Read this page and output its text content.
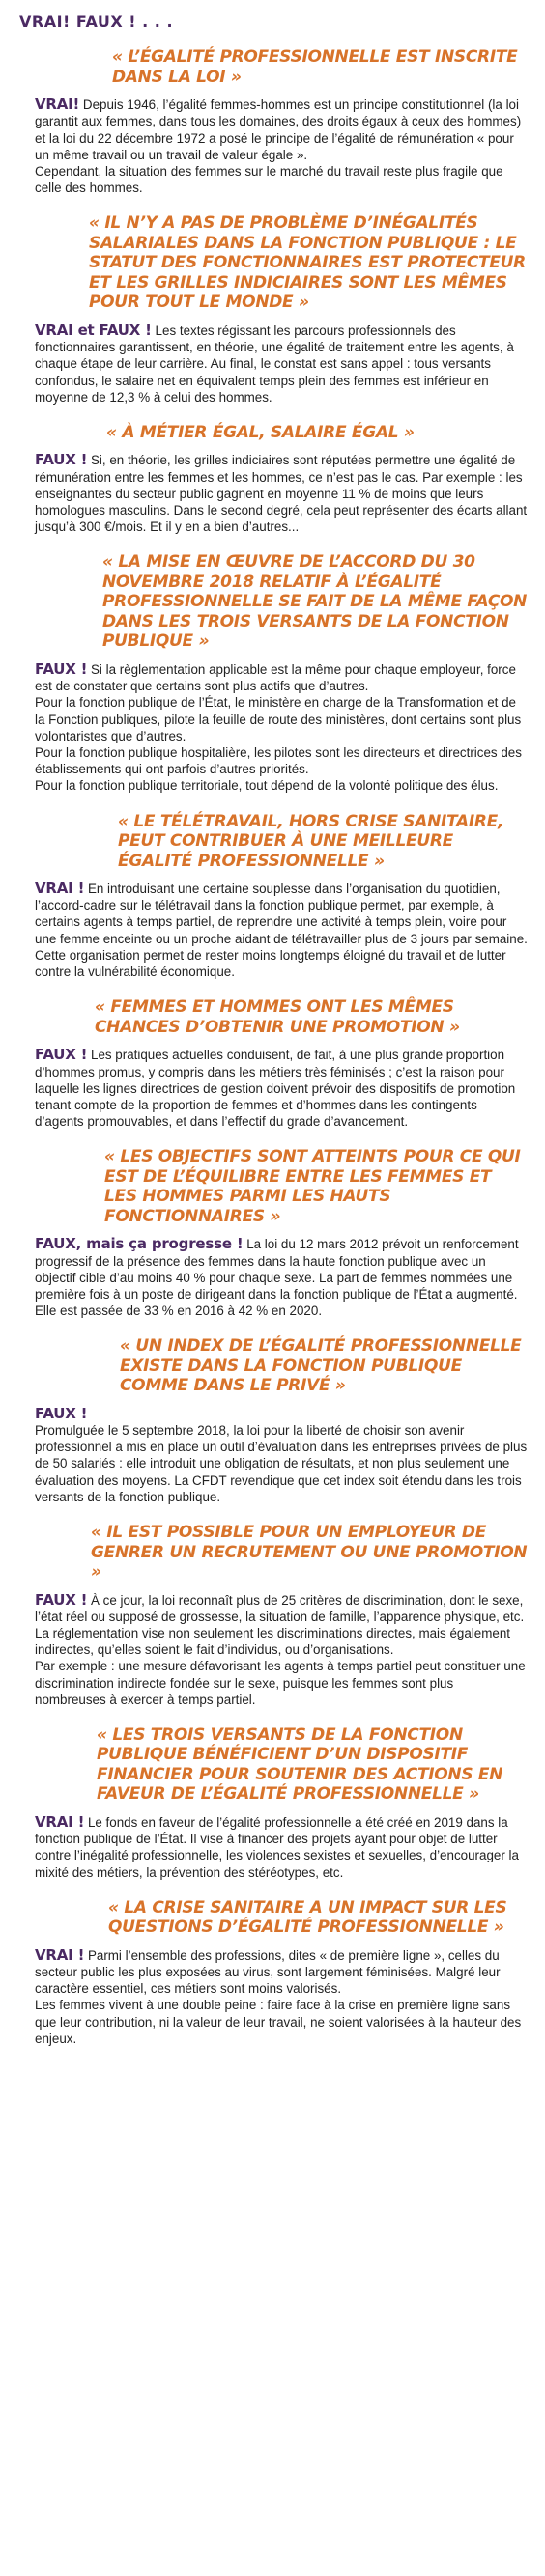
VRAI! FAUX ! . . .
« L’ÉGALITÉ PROFESSIONNELLE EST INSCRITE DANS LA LOI »
VRAI! Depuis 1946, l’égalité femmes-hommes est un principe constitutionnel (la loi garantit aux femmes, dans tous les domaines, des droits égaux à ceux des hommes) et la loi du 22 décembre 1972 a posé le principe de l’égalité de rémunération « pour un même travail ou un travail de valeur égale ».
Cependant, la situation des femmes sur le marché du travail reste plus fragile que celle des hommes.
« IL N’Y A PAS DE PROBLÈME D’INÉGALITÉS SALARIALES DANS LA FONCTION PUBLIQUE : LE STATUT DES FONCTIONNAIRES EST PROTECTEUR ET LES GRILLES INDICIAIRES SONT LES MÊMES POUR TOUT LE MONDE »
VRAI et FAUX ! Les textes régissant les parcours professionnels des fonctionnaires garantissent, en théorie, une égalité de traitement entre les agents, à chaque étape de leur carrière. Au final, le constat est sans appel : tous versants confondus, le salaire net en équivalent temps plein des femmes est inférieur en moyenne de 12,3 % à celui des hommes.
« À MÉTIER ÉGAL, SALAIRE ÉGAL »
FAUX ! Si, en théorie, les grilles indiciaires sont réputées permettre une égalité de rémunération entre les femmes et les hommes, ce n’est pas le cas. Par exemple : les enseignantes du secteur public gagnent en moyenne 11 % de moins que leurs homologues masculins. Dans le second degré, cela peut représenter des écarts allant jusqu’à 300 €/mois. Et il y en a bien d’autres...
« LA MISE EN ŒUVRE DE L’ACCORD DU 30 NOVEMBRE 2018 RELATIF À L’ÉGALITÉ PROFESSIONNELLE SE FAIT DE LA MÊME FAÇON DANS LES TROIS VERSANTS DE LA FONCTION PUBLIQUE »
FAUX ! Si la règlementation applicable est la même pour chaque employeur, force est de constater que certains sont plus actifs que d’autres.
Pour la fonction publique de l’État, le ministère en charge de la Transformation et de la Fonction publiques, pilote la feuille de route des ministères, dont certains sont plus volontaristes que d’autres.
Pour la fonction publique hospitalière, les pilotes sont les directeurs et directrices des établissements qui ont parfois d’autres priorités.
Pour la fonction publique territoriale, tout dépend de la volonté politique des élus.
« LE TÉLÉTRAVAIL, HORS CRISE SANITAIRE, PEUT CONTRIBUER À UNE MEILLEURE ÉGALITÉ PROFESSIONNELLE »
VRAI ! En introduisant une certaine souplesse dans l’organisation du quotidien, l’accord-cadre sur le télétravail dans la fonction publique permet, par exemple, à certains agents à temps partiel, de reprendre une activité à temps plein, voire pour une femme enceinte ou un proche aidant de télétravailler plus de 3 jours par semaine. Cette organisation permet de rester moins longtemps éloigné du travail et de lutter contre la vulnérabilité économique.
« FEMMES ET HOMMES ONT LES MÊMES CHANCES D’OBTENIR UNE PROMOTION »
FAUX ! Les pratiques actuelles conduisent, de fait, à une plus grande proportion d’hommes promus, y compris dans les métiers très féminisés ; c’est la raison pour laquelle les lignes directrices de gestion doivent prévoir des dispositifs de promotion tenant compte de la proportion de femmes et d’hommes dans les contingents d’agents promouvables, et dans l’effectif du grade d’avancement.
« LES OBJECTIFS SONT ATTEINTS POUR CE QUI EST DE L’ÉQUILIBRE ENTRE LES FEMMES ET LES HOMMES PARMI LES HAUTS FONCTIONNAIRES »
FAUX, mais ça progresse ! La loi du 12 mars 2012 prévoit un renforcement progressif de la présence des femmes dans la haute fonction publique avec un objectif cible d’au moins 40 % pour chaque sexe. La part de femmes nommées une première fois à un poste de dirigeant dans la fonction publique de l’État a augmenté. Elle est passée de 33 % en 2016 à 42 % en 2020.
« UN INDEX DE L’ÉGALITÉ PROFESSIONNELLE EXISTE DANS LA FONCTION PUBLIQUE COMME DANS LE PRIVÉ »
FAUX !
Promulguée le 5 septembre 2018, la loi pour la liberté de choisir son avenir professionnel a mis en place un outil d’évaluation dans les entreprises privées de plus de 50 salariés : elle introduit une obligation de résultats, et non plus seulement une évaluation des moyens. La CFDT revendique que cet index soit étendu dans les trois versants de la fonction publique.
« IL EST POSSIBLE POUR UN EMPLOYEUR DE GENRER UN RECRUTEMENT OU UNE PROMOTION »
FAUX ! À ce jour, la loi reconnaît plus de 25 critères de discrimination, dont le sexe, l’état réel ou supposé de grossesse, la situation de famille, l’apparence physique, etc.
La réglementation vise non seulement les discriminations directes, mais également indirectes, qu’elles soient le fait d’individus, ou d’organisations.
Par exemple : une mesure défavorisant les agents à temps partiel peut constituer une discrimination indirecte fondée sur le sexe, puisque les femmes sont plus nombreuses à exercer à temps partiel.
« LES TROIS VERSANTS DE LA FONCTION PUBLIQUE BÉNÉFICIENT D’UN DISPOSITIF FINANCIER POUR SOUTENIR DES ACTIONS EN FAVEUR DE L’ÉGALITÉ PROFESSIONNELLE »
VRAI ! Le fonds en faveur de l’égalité professionnelle a été créé en 2019 dans la fonction publique de l’État. Il vise à financer des projets ayant pour objet de lutter contre l’inégalité professionnelle, les violences sexistes et sexuelles, d’encourager la mixité des métiers, la prévention des stéréotypes, etc.
« LA CRISE SANITAIRE A UN IMPACT SUR LES QUESTIONS D’ÉGALITÉ PROFESSIONNELLE »
VRAI ! Parmi l’ensemble des professions, dites « de première ligne », celles du secteur public les plus exposées au virus, sont largement féminisées. Malgré leur caractère essentiel, ces métiers sont moins valorisés.
Les femmes vivent à une double peine : faire face à la crise en première ligne sans que leur contribution, ni la valeur de leur travail, ne soient valorisées à la hauteur des enjeux.
